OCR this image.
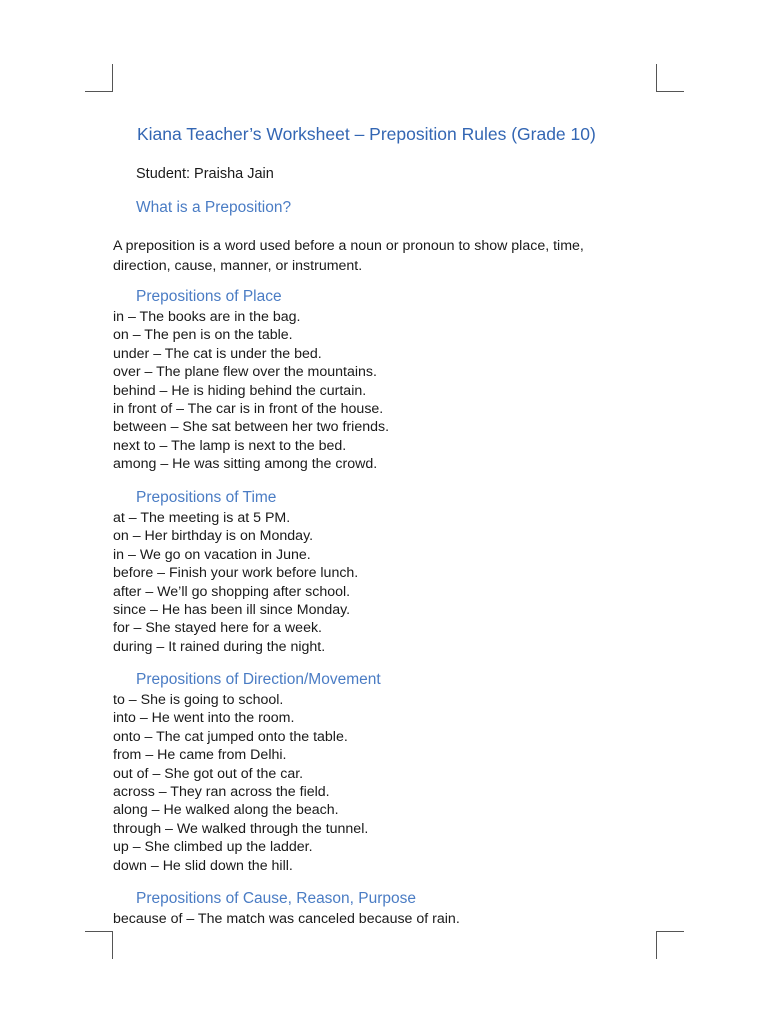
Kiana Teacher’s Worksheet – Preposition Rules (Grade 10)
Student: Praisha Jain
What is a Preposition?
A preposition is a word used before a noun or pronoun to show place, time, direction, cause, manner, or instrument.
Prepositions of Place
in – The books are in the bag.
on – The pen is on the table.
under – The cat is under the bed.
over – The plane flew over the mountains.
behind – He is hiding behind the curtain.
in front of – The car is in front of the house.
between – She sat between her two friends.
next to – The lamp is next to the bed.
among – He was sitting among the crowd.
Prepositions of Time
at – The meeting is at 5 PM.
on – Her birthday is on Monday.
in – We go on vacation in June.
before – Finish your work before lunch.
after – We’ll go shopping after school.
since – He has been ill since Monday.
for – She stayed here for a week.
during – It rained during the night.
Prepositions of Direction/Movement
to – She is going to school.
into – He went into the room.
onto – The cat jumped onto the table.
from – He came from Delhi.
out of – She got out of the car.
across – They ran across the field.
along – He walked along the beach.
through – We walked through the tunnel.
up – She climbed up the ladder.
down – He slid down the hill.
Prepositions of Cause, Reason, Purpose
because of – The match was canceled because of rain.
